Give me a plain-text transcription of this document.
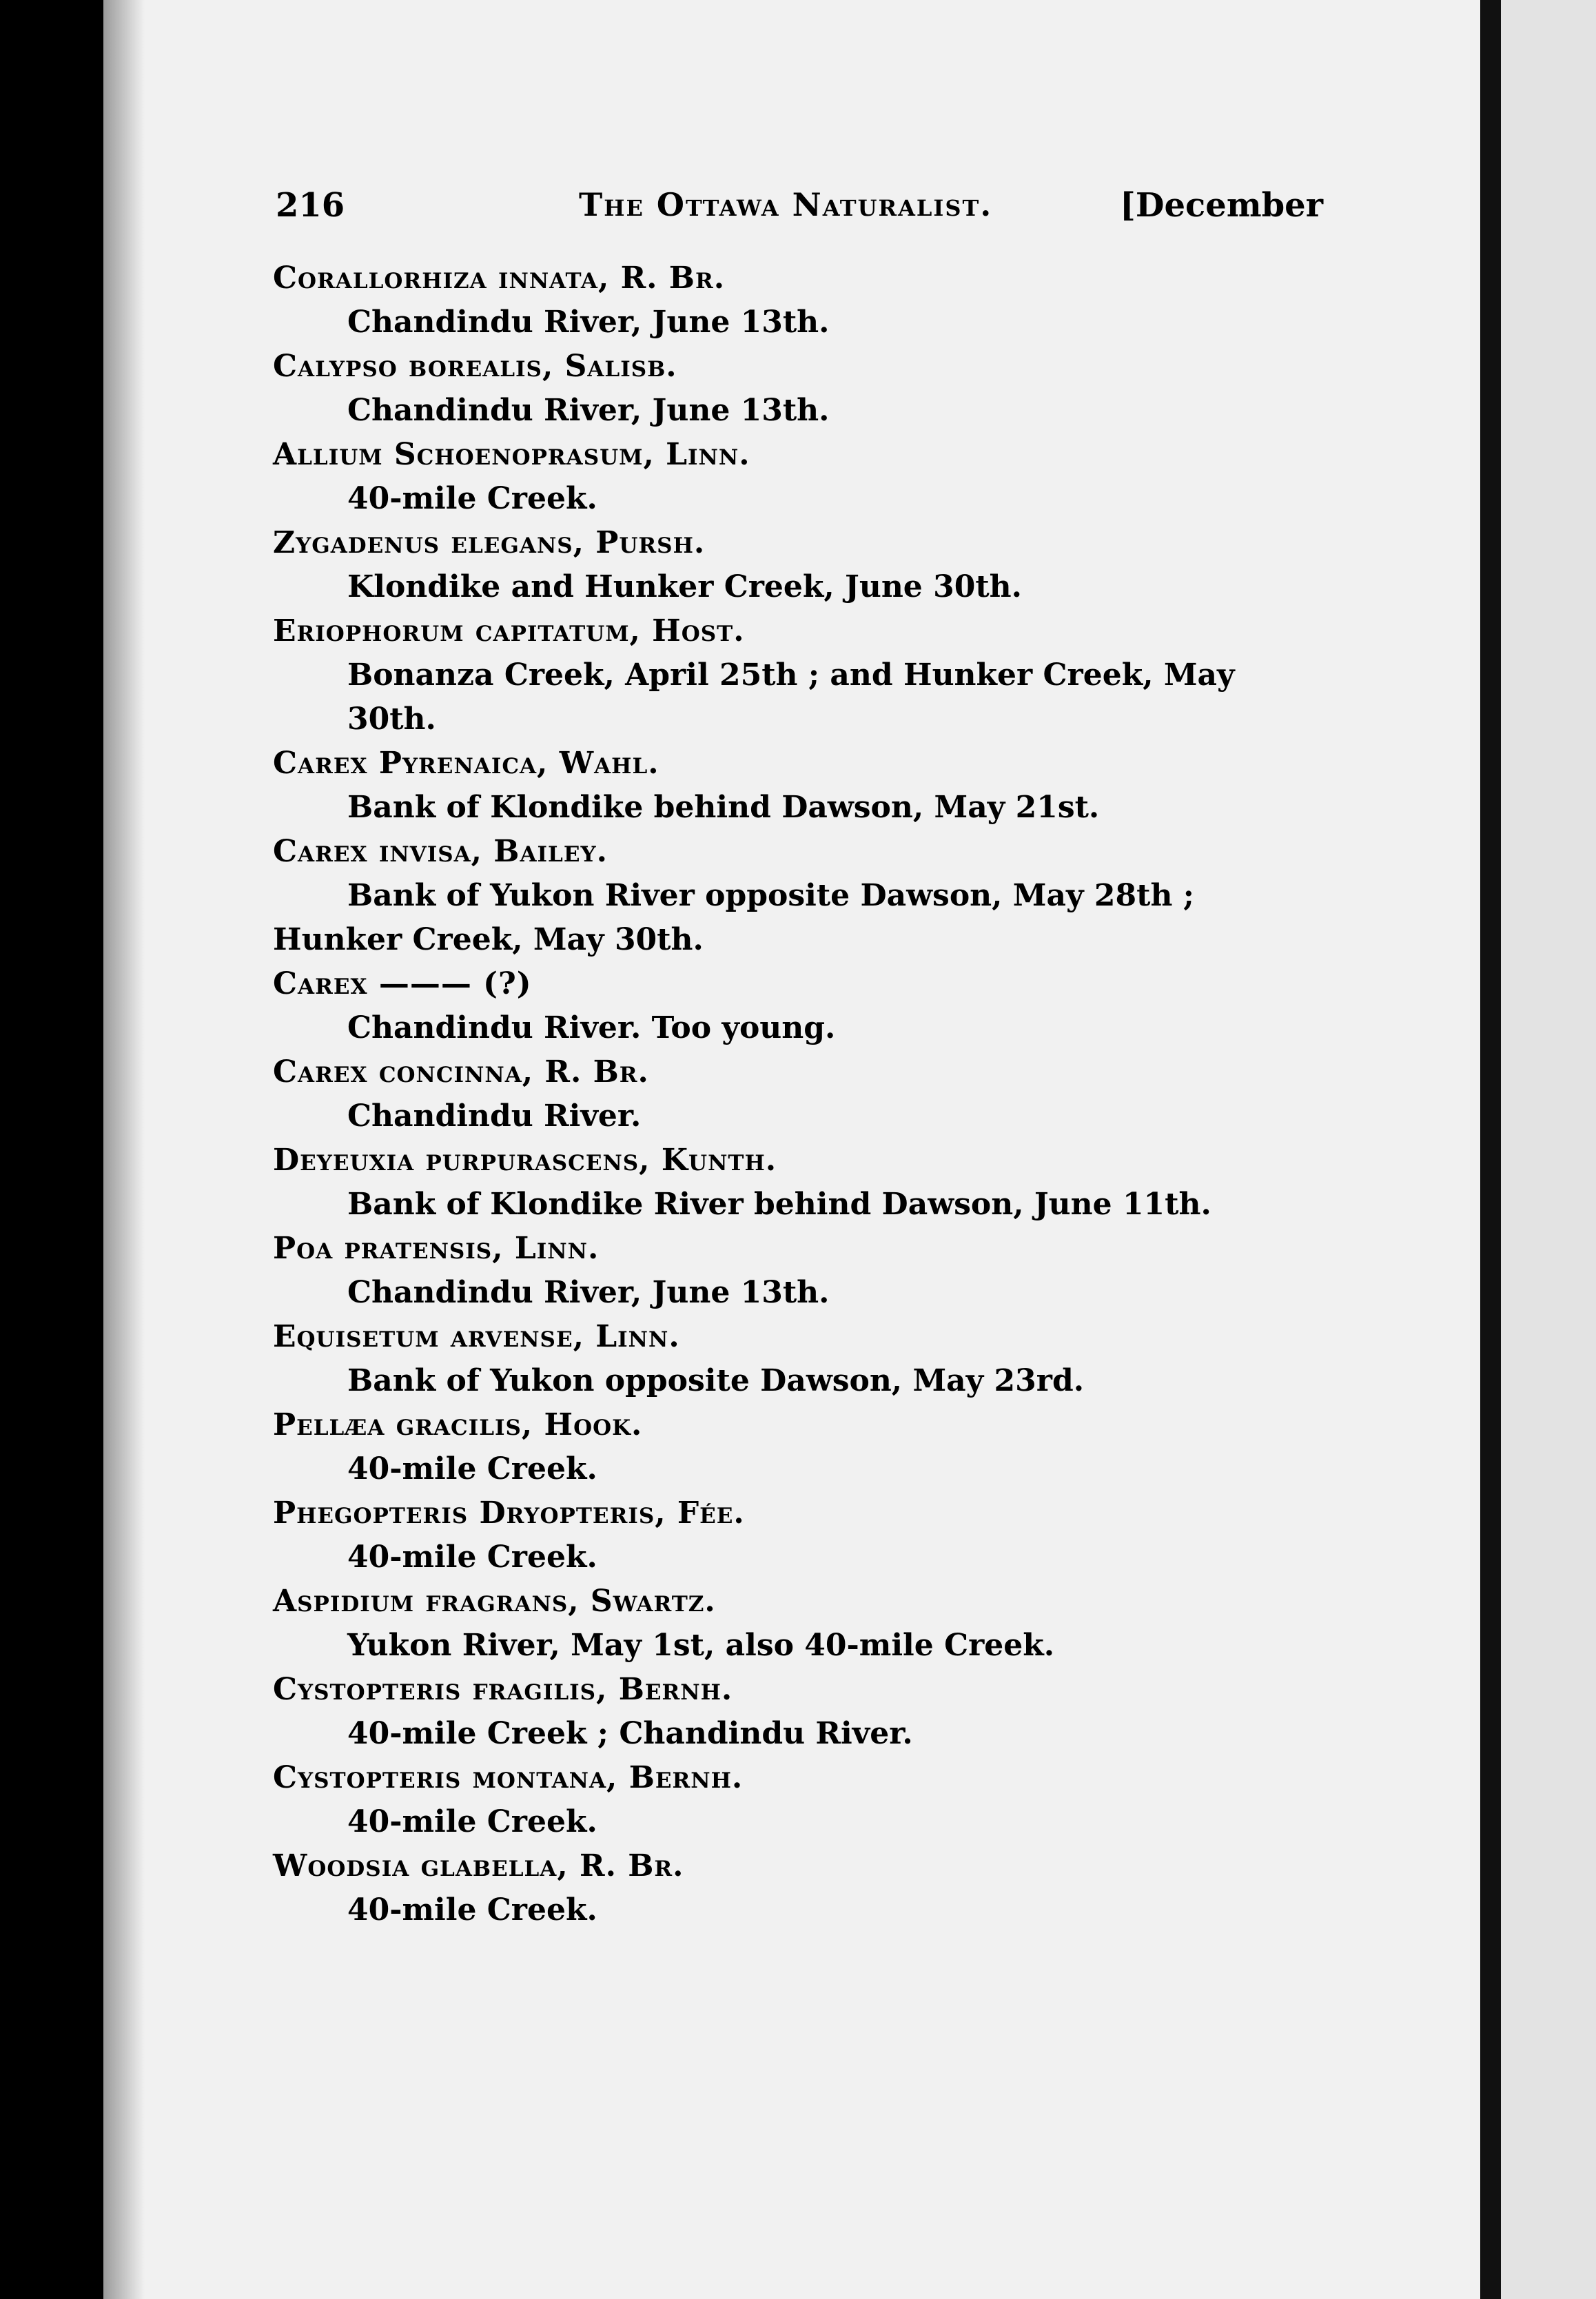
216	The Ottawa Naturalist.	[December
Corallorhiza innata, R. Br.
Chandindu River, June 13th.
Calypso borealis, Salisb.
Chandindu River, June 13th.
Allium Schoenoprasum, Linn.
40-mile Creek.
Zygadenus elegans, Pursh.
Klondike and Hunker Creek, June 30th.
Eriophorum capitatum, Host.
Bonanza Creek, April 25th ; and Hunker Creek, May 30th.
Carex Pyrenaica, Wahl.
Bank of Klondike behind Dawson, May 21st.
Carex invisa, Bailey.
Bank of Yukon River opposite Dawson, May 28th ; Hunker Creek, May 30th.
Carex ——— (?)
Chandindu River. Too young.
Carex concinna, R. Br.
Chandindu River.
Deyeuxia purpurascens, Kunth.
Bank of Klondike River behind Dawson, June 11th.
Poa pratensis, Linn.
Chandindu River, June 13th.
Equisetum arvense, Linn.
Bank of Yukon opposite Dawson, May 23rd.
Pellæa gracilis, Hook.
40-mile Creek.
Phegopteris Dryopteris, Fée.
40-mile Creek.
Aspidium fragrans, Swartz.
Yukon River, May 1st, also 40-mile Creek.
Cystopteris fragilis, Bernh.
40-mile Creek ; Chandindu River.
Cystopteris montana, Bernh.
40-mile Creek.
Woodsia glabella, R. Br.
40-mile Creek.
